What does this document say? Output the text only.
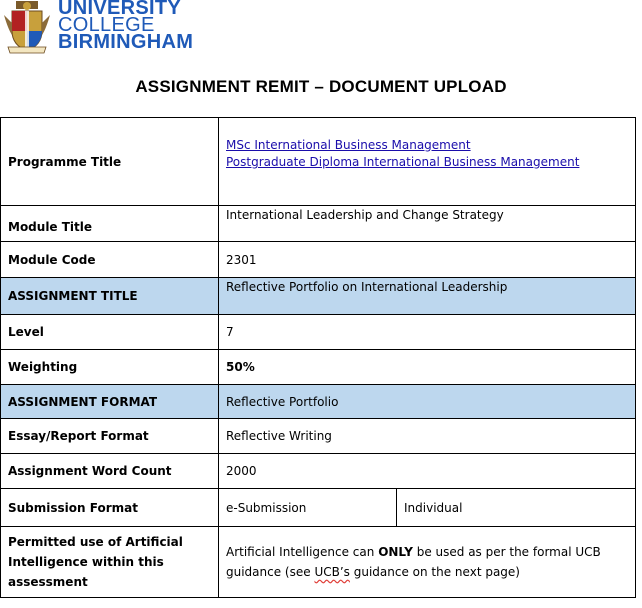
UNIVERSITY
COLLEGE
BIRMINGHAM
ASSIGNMENT REMIT – DOCUMENT UPLOAD
Programme Title	MSc International Business Management
Postgraduate Diploma International Business Management	

Module Title	International Leadership and Change Strategy	
Module Code	2301	
ASSIGNMENT TITLE	Reflective Portfolio on International Leadership	
Level	7	
Weighting	50%	
ASSIGNMENT FORMAT	Reflective Portfolio	
Essay/Report Format	Reflective Writing	
Assignment Word Count	2000	
Submission Format	e-Submission	Individual
Permitted use of Artificial Intelligence within this assessment	Artificial Intelligence can ONLY be used as per the formal UCB guidance (see UCB’s guidance on the next page)	
